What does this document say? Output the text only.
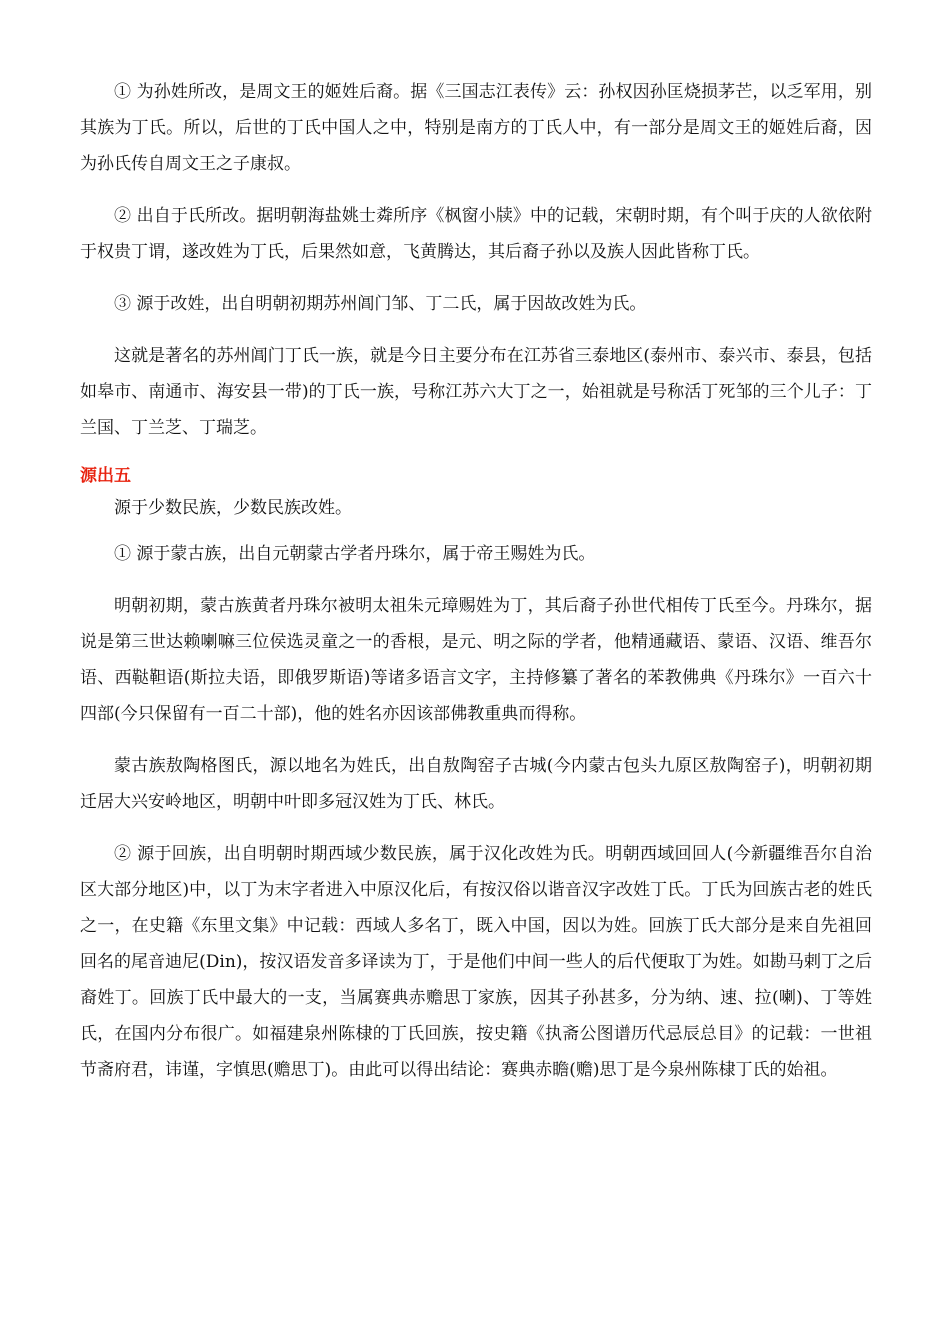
① 为孙姓所改，是周文王的姬姓后裔。据《三国志江表传》云：孙权因孙匡烧损茅芒，以乏军用，别其族为丁氏。所以，后世的丁氏中国人之中，特别是南方的丁氏人中，有一部分是周文王的姬姓后裔，因为孙氏传自周文王之子康叔。

② 出自于氏所改。据明朝海盐姚士粦所序《枫窗小牍》中的记载，宋朝时期，有个叫于庆的人欲依附于权贵丁谓，遂改姓为丁氏，后果然如意，飞黄腾达，其后裔子孙以及族人因此皆称丁氏。

③ 源于改姓，出自明朝初期苏州阊门邹、丁二氏，属于因故改姓为氏。

这就是著名的苏州阊门丁氏一族，就是今日主要分布在江苏省三泰地区(泰州市、泰兴市、泰县，包括如皋市、南通市、海安县一带)的丁氏一族，号称江苏六大丁之一，始祖就是号称活丁死邹的三个儿子：丁兰国、丁兰芝、丁瑞芝。

源出五

源于少数民族，少数民族改姓。

① 源于蒙古族，出自元朝蒙古学者丹珠尔，属于帝王赐姓为氏。

明朝初期，蒙古族黄者丹珠尔被明太祖朱元璋赐姓为丁，其后裔子孙世代相传丁氏至今。丹珠尔，据说是第三世达赖喇嘛三位侯选灵童之一的香根，是元、明之际的学者，他精通藏语、蒙语、汉语、维吾尔语、西鞑靼语(斯拉夫语，即俄罗斯语)等诸多语言文字，主持修纂了著名的苯教佛典《丹珠尔》一百六十四部(今只保留有一百二十部)，他的姓名亦因该部佛教重典而得称。

蒙古族敖陶格图氏，源以地名为姓氏，出自敖陶窑子古城(今内蒙古包头九原区敖陶窑子)，明朝初期迁居大兴安岭地区，明朝中叶即多冠汉姓为丁氏、林氏。

② 源于回族，出自明朝时期西域少数民族，属于汉化改姓为氏。明朝西域回回人(今新疆维吾尔自治区大部分地区)中，以丁为末字者进入中原汉化后，有按汉俗以谐音汉字改姓丁氏。丁氏为回族古老的姓氏之一，在史籍《东里文集》中记载：西域人多名丁，既入中国，因以为姓。回族丁氏大部分是来自先祖回回名的尾音迪尼(Din)，按汉语发音多译读为丁，于是他们中间一些人的后代便取丁为姓。如勘马剌丁之后裔姓丁。回族丁氏中最大的一支，当属赛典赤赡思丁家族，因其子孙甚多，分为纳、速、拉(喇)、丁等姓氏，在国内分布很广。如福建泉州陈棣的丁氏回族，按史籍《执斋公图谱历代忌辰总目》的记载：一世祖节斋府君，讳谨，字慎思(赡思丁)。由此可以得出结论：赛典赤瞻(赡)思丁是今泉州陈棣丁氏的始祖。
